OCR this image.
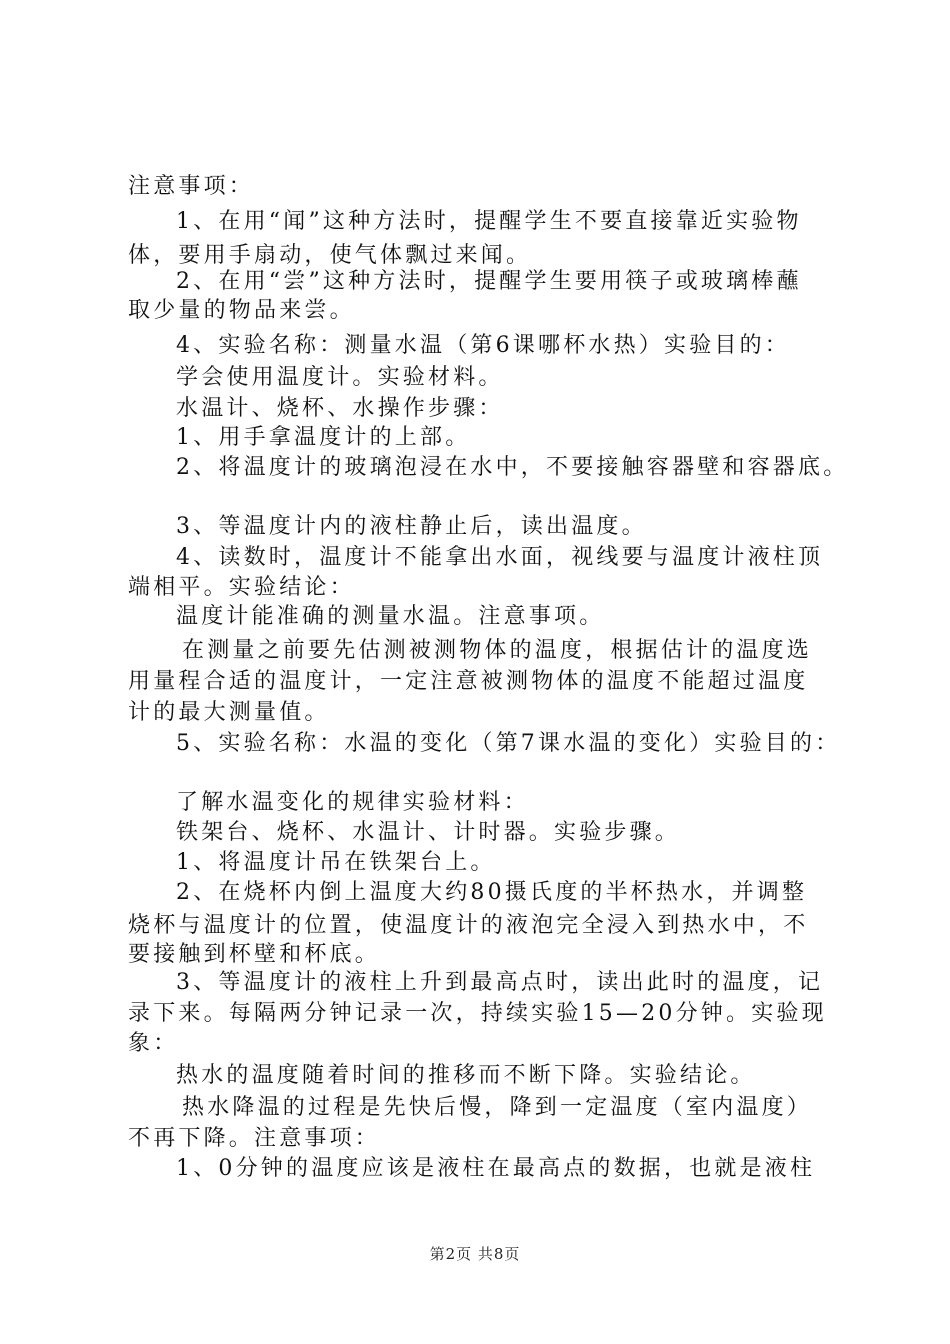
注意事项：
1、在用“闻”这种方法时，提醒学生不要直接靠近实验物
体，要用手扇动，使气体飘过来闻。
2、在用“尝”这种方法时，提醒学生要用筷子或玻璃棒蘸
取少量的物品来尝。
4、实验名称：测量水温（第6课哪杯水热）实验目的：
学会使用温度计。实验材料。
水温计、烧杯、水操作步骤：
1、用手拿温度计的上部。
2、将温度计的玻璃泡浸在水中，不要接触容器壁和容器底。
3、等温度计内的液柱静止后，读出温度。
4、读数时，温度计不能拿出水面，视线要与温度计液柱顶
端相平。实验结论：
温度计能准确的测量水温。注意事项。
在测量之前要先估测被测物体的温度，根据估计的温度选
用量程合适的温度计，一定注意被测物体的温度不能超过温度
计的最大测量值。
5、实验名称：水温的变化（第7课水温的变化）实验目的：
了解水温变化的规律实验材料：
铁架台、烧杯、水温计、计时器。实验步骤。
1、将温度计吊在铁架台上。
2、在烧杯内倒上温度大约80摄氏度的半杯热水，并调整
烧杯与温度计的位置，使温度计的液泡完全浸入到热水中，不
要接触到杯壁和杯底。
3、等温度计的液柱上升到最高点时，读出此时的温度，记
录下来。每隔两分钟记录一次，持续实验15—20分钟。实验现
象：
热水的温度随着时间的推移而不断下降。实验结论。
热水降温的过程是先快后慢，降到一定温度（室内温度）
不再下降。注意事项：
1、0分钟的温度应该是液柱在最高点的数据，也就是液柱
第2页 共8页
